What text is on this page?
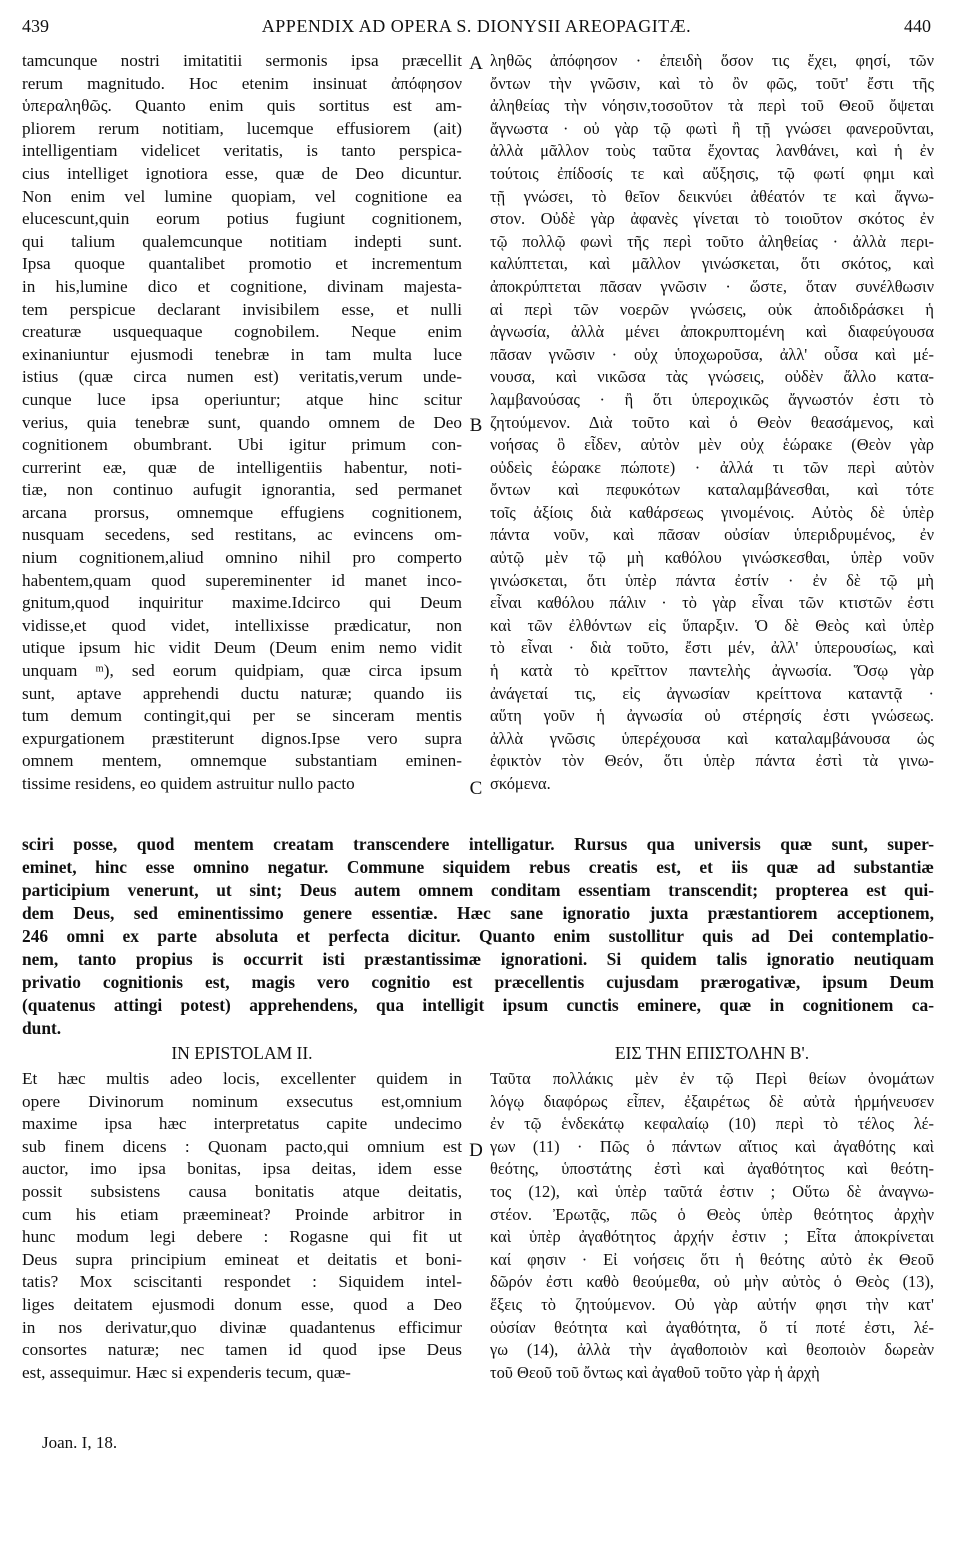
439	APPENDIX AD OPERA S. DIONYSII AREOPAGITÆ.	440
tamcunque nostri imitatitii sermonis ipsa præcellit
rerum magnitudo. Hoc etenim insinuat ἀπόφησον
ὑπεραληθῶς. Quanto enim quis sortitus est am-
pliorem rerum notitiam, lucemque effusiorem (ait)
intelligentiam videlicet veritatis, is tanto perspica-
cius intelliget ignotiora esse, quæ de Deo dicuntur.
Non enim vel lumine quopiam, vel cognitione ea
elucescunt,quin eorum potius fugiunt cognitionem,
qui talium qualemcunque notitiam indepti sunt.
Ipsa quoque quantalibet promotio et incrementum
in his,lumine dico et cognitione, divinam majesta-
tem perspicue declarant invisibilem esse, et nulli
creaturæ usquequaque cognobilem. Neque enim
exinaniuntur ejusmodi tenebræ in tam multa luce
istius (quæ circa numen est) veritatis,verum unde-
cunque luce ipsa operiuntur; atque hinc scitur
verius, quia tenebræ sunt, quando omnem de Deo
cognitionem obumbrant. Ubi igitur primum con-
currerint eæ, quæ de intelligentiis habentur, noti-
tiæ, non continuo aufugit ignorantia, sed permanet
arcana prorsus, omnemque effugiens cognitionem,
nusquam secedens, sed restitans, ac evincens om-
nium cognitionem,aliud omnino nihil pro comperto
habentem,quam quod supereminenter id manet inco-
gnitum,quod inquiritur maxime.Idcirco qui Deum
vidisse,et quod videt, intellixisse prædicatur, non
utique ipsum hic vidit Deum (Deum enim nemo vidit
unquam ᵐ), sed eorum quidpiam, quæ circa ipsum
sunt, aptave apprehendi ductu naturæ; quando iis
tum demum contingit,qui per se sinceram mentis
expurgationem præstiterunt dignos.Ipse vero supra
omnem mentem, omnemque substantiam eminen-
tissime residens, eo quidem astruitur nullo pacto
ληθῶς ἀπόφησον · ἐπειδὴ ὅσον τις ἔχει, φησί, τῶν
ὄντων τὴν γνῶσιν, καὶ τὸ ὂν φῶς, τοῦτ' ἔστι τῆς
ἀληθείας τὴν νόησιν,τοσοῦτον τὰ περὶ τοῦ Θεοῦ ὄψεται
ἄγνωστα · οὐ γὰρ τῷ φωτὶ ἢ τῇ γνώσει φανεροῦνται,
ἀλλὰ μᾶλλον τοὺς ταῦτα ἔχοντας λανθάνει, καὶ ἡ ἐν
τούτοις ἐπίδοσίς τε καὶ αὔξησις, τῷ φωτί φημι καὶ
τῇ γνώσει, τὸ θεῖον δεικνύει ἀθέατόν τε καὶ ἄγνω-
στον. Οὐδὲ γὰρ ἀφανὲς γίνεται τὸ τοιοῦτον σκότος ἐν
τῷ πολλῷ φωνὶ τῆς περὶ τοῦτο ἀληθείας · ἀλλὰ περι-
καλύπτεται, καὶ μᾶλλον γινώσκεται, ὅτι σκότος, καὶ
ἀποκρύπτεται πᾶσαν γνῶσιν · ὥστε, ὅταν συνέλθωσιν
αἱ περὶ τῶν νοερῶν γνώσεις, οὐκ ἀποδιδράσκει ἡ
ἀγνωσία, ἀλλὰ μένει ἀποκρυπτομένη καὶ διαφεύγουσα
πᾶσαν γνῶσιν · οὐχ ὑποχωροῦσα, ἀλλ' οὖσα καὶ μέ-
νουσα, καὶ νικῶσα τὰς γνώσεις, οὐδὲν ἄλλο κατα-
λαμβανούσας · ἢ ὅτι ὑπεροχικῶς ἄγνωστόν ἐστι τὸ
ζητούμενον. Διὰ τοῦτο καὶ ὁ Θεὸν θεασάμενος, καὶ
νοήσας ὃ εἶδεν, αὐτὸν μὲν οὐχ ἑώρακε (Θεὸν γὰρ
οὐδεὶς ἑώρακε πώποτε) · ἀλλά τι τῶν περὶ αὐτὸν
ὄντων καὶ πεφυκότων καταλαμβάνεσθαι, καὶ τότε
τοῖς ἀξίοις διὰ καθάρσεως γινομένοις. Αὐτὸς δὲ ὑπὲρ
πάντα νοῦν, καὶ πᾶσαν οὐσίαν ὑπεριδρυμένος, ἐν
αὐτῷ μὲν τῷ μὴ καθόλου γινώσκεσθαι, ὑπὲρ νοῦν
γινώσκεται, ὅτι ὑπὲρ πάντα ἐστίν · ἐν δὲ τῷ μὴ
εἶναι καθόλου πάλιν · τὸ γὰρ εἶναι τῶν κτιστῶν ἐστι
καὶ τῶν ἐλθόντων εἰς ὕπαρξιν. Ὁ δὲ Θεὸς καὶ ὑπὲρ
τὸ εἶναι · διὰ τοῦτο, ἔστι μέν, ἀλλ' ὑπερουσίως, καὶ
ἡ κατὰ τὸ κρεῖττον παντελὴς ἀγνωσία. Ὅσῳ γὰρ
ἀνάγεταί τις, εἰς ἀγνωσίαν κρείττονα καταντᾷ ·
αὕτη γοῦν ἡ ἀγνωσία οὐ στέρησίς ἐστι γνώσεως.
ἀλλὰ γνῶσις ὑπερέχουσα καὶ καταλαμβάνουσα ὡς
ἐφικτὸν τὸν Θεόν, ὅτι ὑπὲρ πάντα ἐστὶ τὰ γινω-
σκόμενα.
A
B
C
D
sciri posse, quod mentem creatam transcendere intelligatur. Rursus qua universis quæ sunt, super-
eminet, hinc esse omnino negatur. Commune siquidem rebus creatis est, et iis quæ ad substantiæ
participium venerunt, ut sint; Deus autem omnem conditam essentiam transcendit; propterea est qui-
dem Deus, sed eminentissimo genere essentiæ. Hæc sane ignoratio juxta præstantiorem acceptionem,
246 omni ex parte absoluta et perfecta dicitur. Quanto enim sustollitur quis ad Dei contemplatio-
nem, tanto propius is occurrit isti præstantissimæ ignorationi. Si quidem talis ignoratio neutiquam
privatio cognitionis est, magis vero cognitio est præcellentis cujusdam prærogativæ, ipsum Deum
(quatenus attingi potest) apprehendens, qua intelligit ipsum cunctis eminere, quæ in cognitionem ca-
dunt.
IN EPISTOLAM II.	ΕΙΣ ΤΗΝ ΕΠΙΣΤΟΛΗΝ Β'.
Et hæc multis adeo locis, excellenter quidem in
opere Divinorum nominum exsecutus est,omnium
maxime ipsa hæc interpretatus capite undecimo
sub finem dicens : Quonam pacto,qui omnium est
auctor, imo ipsa bonitas, ipsa deitas, idem esse
possit subsistens causa bonitatis atque deitatis,
cum his etiam præemineat? Proinde arbitror in
hunc modum legi debere : Rogasne qui fit ut
Deus supra principium emineat et deitatis et boni-
tatis? Mox sciscitanti respondet : Siquidem intel-
liges deitatem ejusmodi donum esse, quod a Deo
in nos derivatur,quo divinæ quadantenus efficimur
consortes naturæ; nec tamen id quod ipse Deus
est, assequimur. Hæc si expenderis tecum, quæ-
Ταῦτα πολλάκις μὲν ἐν τῷ Περὶ θείων ὀνομάτων
λόγῳ διαφόρως εἶπεν, ἐξαιρέτως δὲ αὐτὰ ἡρμήνευσεν
ἐν τῷ ἑνδεκάτῳ κεφαλαίῳ (10) περὶ τὸ τέλος λέ-
γων (11) · Πῶς ὁ πάντων αἴτιος καὶ ἀγαθότης καὶ
θεότης, ὑποστάτης ἐστὶ καὶ ἀγαθότητος καὶ θεότη-
τος (12), καὶ ὑπὲρ ταῦτά ἐστιν ; Οὕτω δὲ ἀναγνω-
στέον. Ἐρωτᾷς, πῶς ὁ Θεὸς ὑπὲρ θεότητος ἀρχὴν
καὶ ὑπὲρ ἀγαθότητος ἀρχήν ἐστιν ; Εἶτα ἀποκρίνεται
καί φησιν · Εἰ νοήσεις ὅτι ἡ θεότης αὐτὸ ἐκ Θεοῦ
δῶρόν ἐστι καθὸ θεούμεθα, οὐ μὴν αὐτὸς ὁ Θεὸς (13),
ἕξεις τὸ ζητούμενον. Οὐ γὰρ αὐτήν φησι τὴν κατ'
οὐσίαν θεότητα καὶ ἀγαθότητα, ὅ τί ποτέ ἐστι, λέ-
γω (14), ἀλλὰ τὴν ἀγαθοποιὸν καὶ θεοποιὸν δωρεὰν
τοῦ Θεοῦ τοῦ ὄντως καὶ ἀγαθοῦ τοῦτο γὰρ ἡ ἀρχὴ
Joan. I, 18.
